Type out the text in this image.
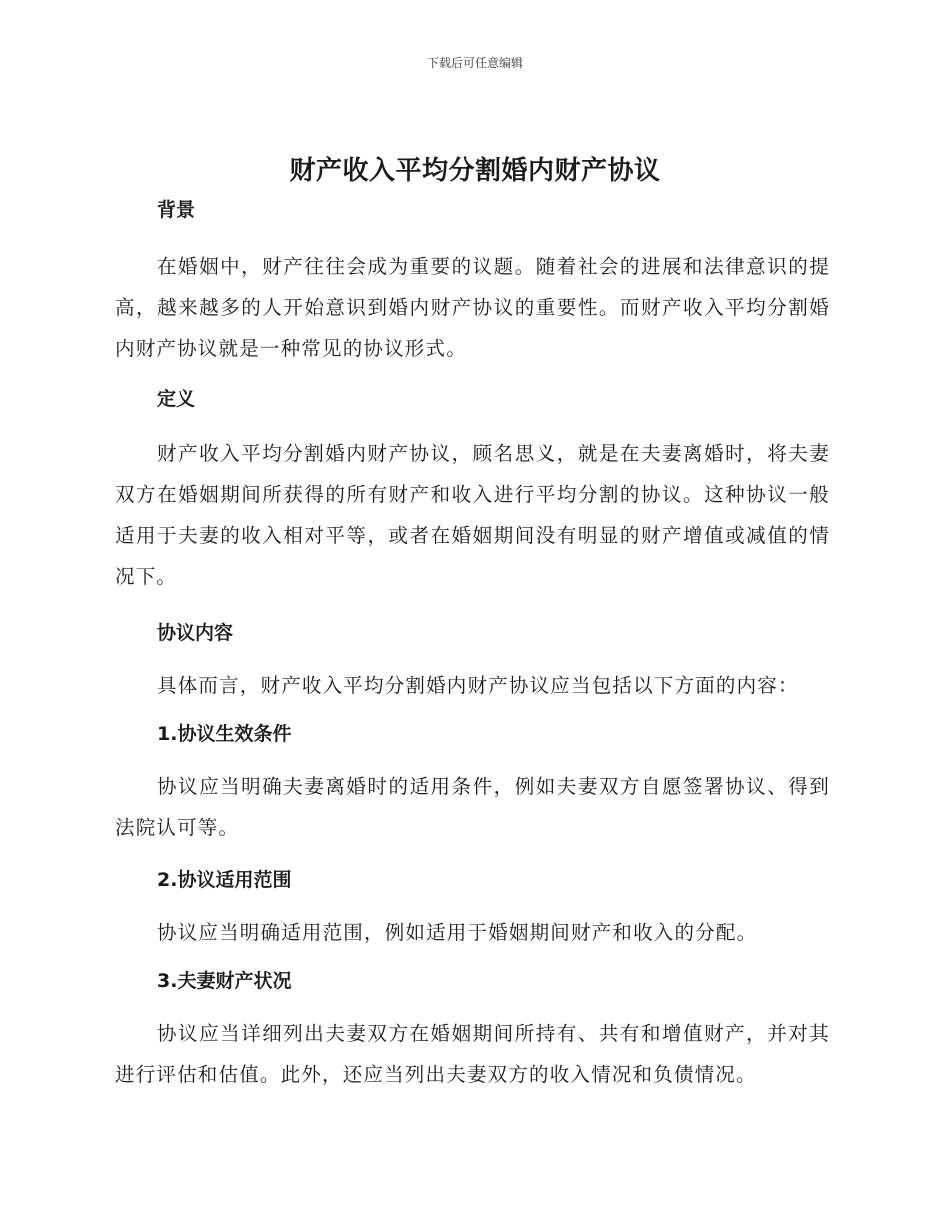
下载后可任意编辑
财产收入平均分割婚内财产协议

背景

在婚姻中，财产往往会成为重要的议题。随着社会的进展和法律意识的提高，越来越多的人开始意识到婚内财产协议的重要性。而财产收入平均分割婚内财产协议就是一种常见的协议形式。

定义

财产收入平均分割婚内财产协议，顾名思义，就是在夫妻离婚时，将夫妻双方在婚姻期间所获得的所有财产和收入进行平均分割的协议。这种协议一般适用于夫妻的收入相对平等，或者在婚姻期间没有明显的财产增值或减值的情况下。

协议内容

具体而言，财产收入平均分割婚内财产协议应当包括以下方面的内容：

1.协议生效条件

协议应当明确夫妻离婚时的适用条件，例如夫妻双方自愿签署协议、得到法院认可等。

2.协议适用范围

协议应当明确适用范围，例如适用于婚姻期间财产和收入的分配。

3.夫妻财产状况

协议应当详细列出夫妻双方在婚姻期间所持有、共有和增值财产，并对其进行评估和估值。此外，还应当列出夫妻双方的收入情况和负债情况。
